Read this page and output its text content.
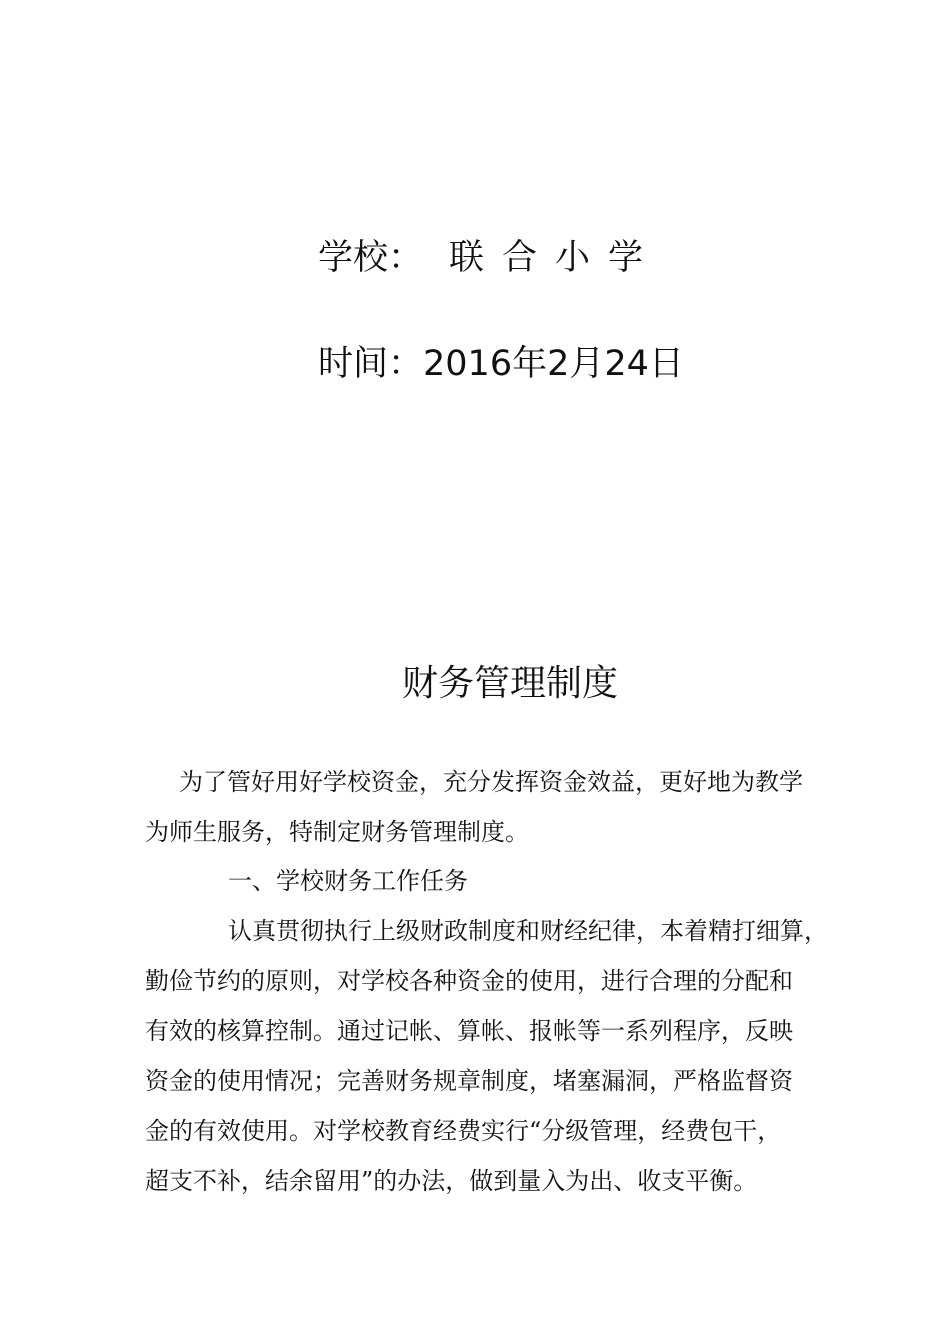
学校： 联合小学
时间：2016年2月24日
财务管理制度
为了管好用好学校资金，充分发挥资金效益，更好地为教学
为师生服务，特制定财务管理制度。
一、学校财务工作任务
认真贯彻执行上级财政制度和财经纪律，本着精打细算，
勤俭节约的原则，对学校各种资金的使用，进行合理的分配和
有效的核算控制。通过记帐、算帐、报帐等一系列程序，反映
资金的使用情况；完善财务规章制度，堵塞漏洞，严格监督资
金的有效使用。对学校教育经费实行“分级管理，经费包干，
超支不补，结余留用”的办法，做到量入为出、收支平衡。
